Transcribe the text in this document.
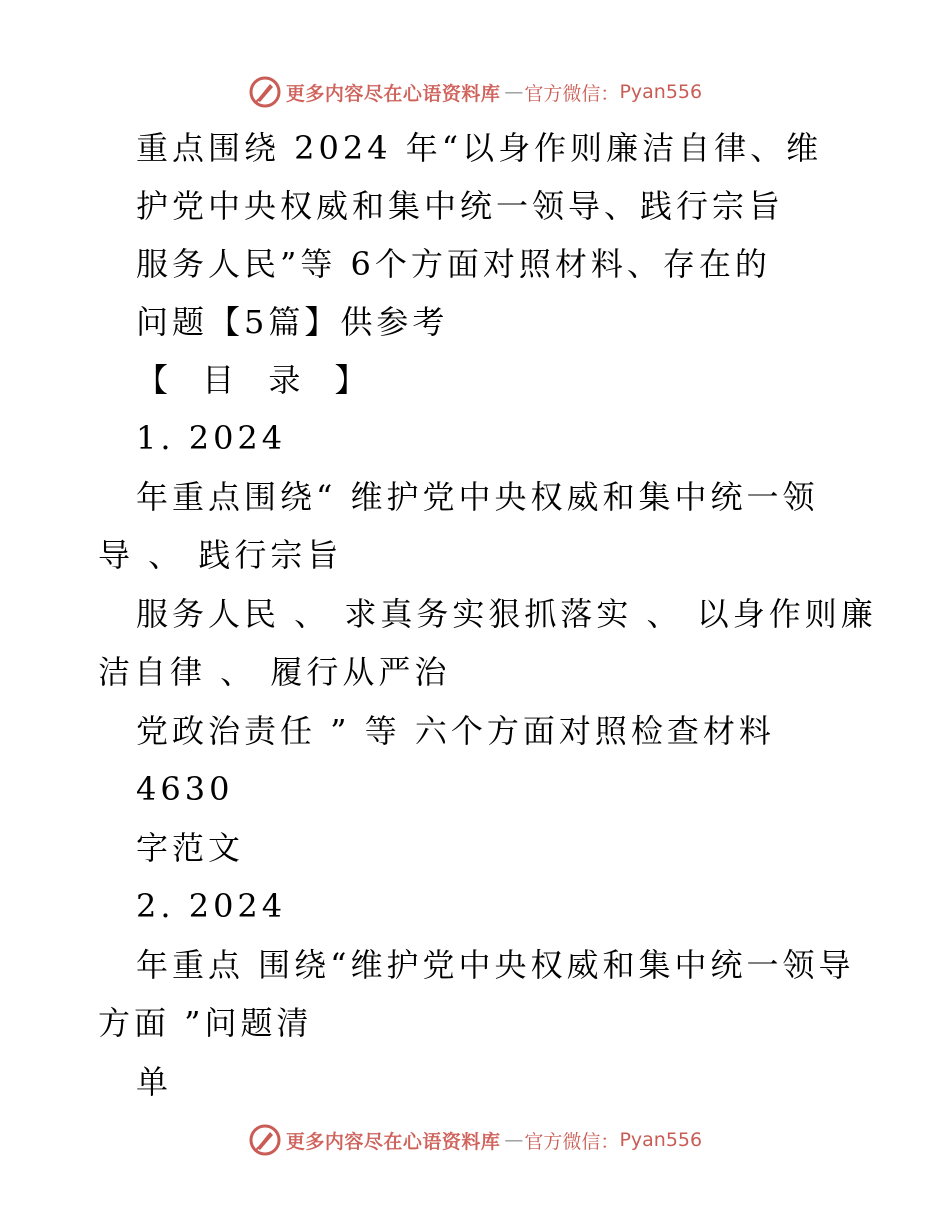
更多内容尽在心语资料库 — 官方微信： Pyan556
重点围绕 2024 年“以身作则廉洁自律、维
护党中央权威和集中统一领导、践行宗旨
服务人民”等 6个方面对照材料、存在的
问题【5篇】供参考
【 目 录 】
1. 2024
年重点围绕“ 维护党中央权威和集中统一领
导 、 践行宗旨
服务人民 、 求真务实狠抓落实 、 以身作则廉
洁自律 、 履行从严治
党政治责任 ” 等 六个方面对照检查材料
4630
字范文
2. 2024
年重点 围绕“维护党中央权威和集中统一领导
方面 ”问题清
单
更多内容尽在心语资料库 — 官方微信： Pyan556
